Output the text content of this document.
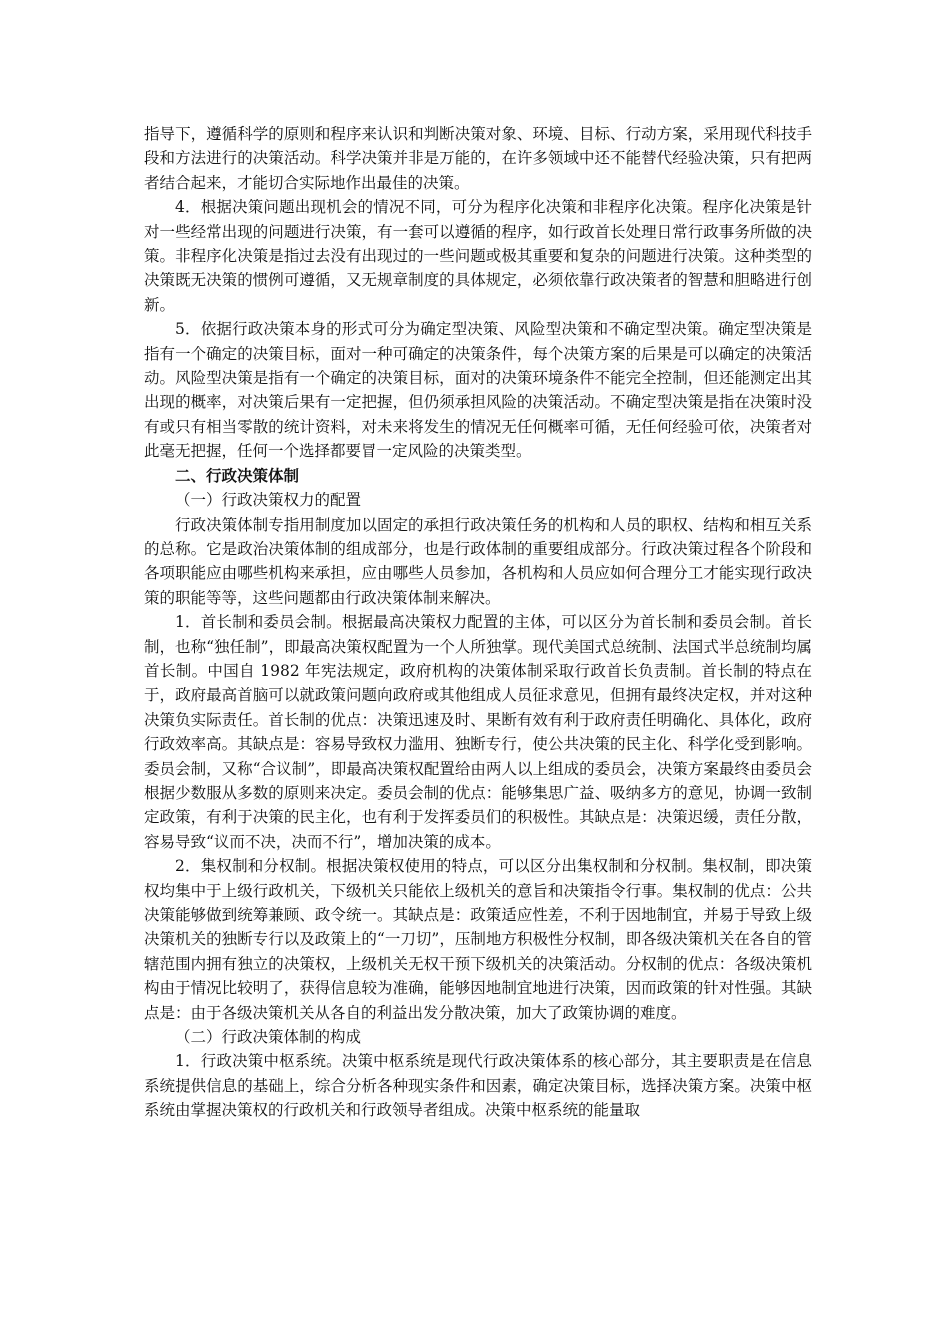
指导下，遵循科学的原则和程序来认识和判断决策对象、环境、目标、行动方案，采用现代科技手段和方法进行的决策活动。科学决策并非是万能的，在许多领域中还不能替代经验决策，只有把两者结合起来，才能切合实际地作出最佳的决策。

4．根据决策问题出现机会的情况不同，可分为程序化决策和非程序化决策。程序化决策是针对一些经常出现的问题进行决策，有一套可以遵循的程序，如行政首长处理日常行政事务所做的决策。非程序化决策是指过去没有出现过的一些问题或极其重要和复杂的问题进行决策。这种类型的决策既无决策的惯例可遵循，又无规章制度的具体规定，必须依靠行政决策者的智慧和胆略进行创新。

5．依据行政决策本身的形式可分为确定型决策、风险型决策和不确定型决策。确定型决策是指有一个确定的决策目标，面对一种可确定的决策条件，每个决策方案的后果是可以确定的决策活动。风险型决策是指有一个确定的决策目标，面对的决策环境条件不能完全控制，但还能测定出其出现的概率，对决策后果有一定把握，但仍须承担风险的决策活动。不确定型决策是指在决策时没有或只有相当零散的统计资料，对未来将发生的情况无任何概率可循，无任何经验可依，决策者对此毫无把握，任何一个选择都要冒一定风险的决策类型。

二、行政决策体制

（一）行政决策权力的配置

行政决策体制专指用制度加以固定的承担行政决策任务的机构和人员的职权、结构和相互关系的总称。它是政治决策体制的组成部分，也是行政体制的重要组成部分。行政决策过程各个阶段和各项职能应由哪些机构来承担，应由哪些人员参加，各机构和人员应如何合理分工才能实现行政决策的职能等等，这些问题都由行政决策体制来解决。

1．首长制和委员会制。根据最高决策权力配置的主体，可以区分为首长制和委员会制。首长制，也称“独任制”，即最高决策权配置为一个人所独掌。现代美国式总统制、法国式半总统制均属首长制。中国自 1982 年宪法规定，政府机构的决策体制采取行政首长负责制。首长制的特点在于，政府最高首脑可以就政策问题向政府或其他组成人员征求意见，但拥有最终决定权，并对这种决策负实际责任。首长制的优点：决策迅速及时、果断有效有利于政府责任明确化、具体化，政府行政效率高。其缺点是：容易导致权力滥用、独断专行，使公共决策的民主化、科学化受到影响。委员会制，又称“合议制”，即最高决策权配置给由两人以上组成的委员会，决策方案最终由委员会根据少数服从多数的原则来决定。委员会制的优点：能够集思广益、吸纳多方的意见，协调一致制定政策，有利于决策的民主化，也有利于发挥委员们的积极性。其缺点是：决策迟缓，责任分散，容易导致“议而不决，决而不行”，增加决策的成本。

2．集权制和分权制。根据决策权使用的特点，可以区分出集权制和分权制。集权制，即决策权均集中于上级行政机关，下级机关只能依上级机关的意旨和决策指令行事。集权制的优点：公共决策能够做到统筹兼顾、政令统一。其缺点是：政策适应性差，不利于因地制宜，并易于导致上级决策机关的独断专行以及政策上的“一刀切”，压制地方积极性分权制，即各级决策机关在各自的管辖范围内拥有独立的决策权，上级机关无权干预下级机关的决策活动。分权制的优点：各级决策机构由于情况比较明了，获得信息较为准确，能够因地制宜地进行决策，因而政策的针对性强。其缺点是：由于各级决策机关从各自的利益出发分散决策，加大了政策协调的难度。

（二）行政决策体制的构成

1．行政决策中枢系统。决策中枢系统是现代行政决策体系的核心部分，其主要职责是在信息系统提供信息的基础上，综合分析各种现实条件和因素，确定决策目标，选择决策方案。决策中枢系统由掌握决策权的行政机关和行政领导者组成。决策中枢系统的能量取
